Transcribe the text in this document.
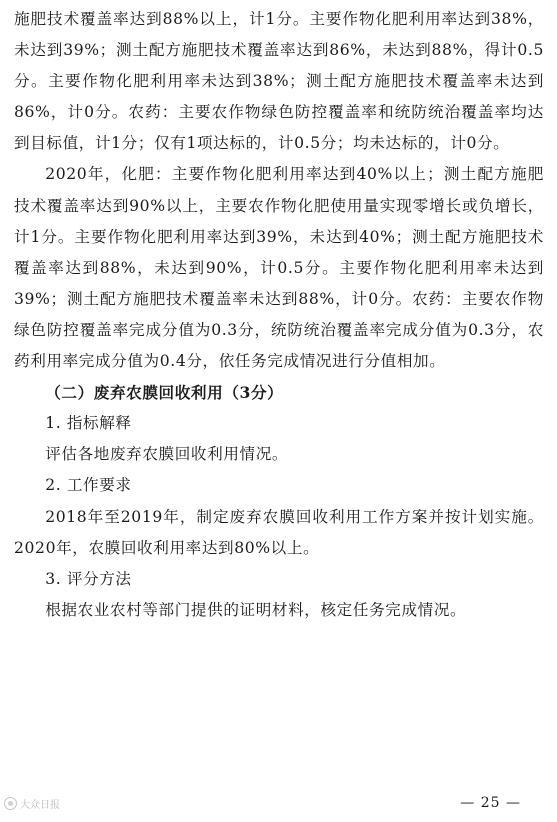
施肥技术覆盖率达到88%以上，计1分。主要作物化肥利用率达到38%，未达到39%；测土配方施肥技术覆盖率达到86%，未达到88%，得计0.5分。主要作物化肥利用率未达到38%；测土配方施肥技术覆盖率未达到86%，计0分。农药：主要农作物绿色防控覆盖率和统防统治覆盖率均达到目标值，计1分；仅有1项达标的，计0.5分；均未达标的，计0分。

2020年，化肥：主要作物化肥利用率达到40%以上；测土配方施肥技术覆盖率达到90%以上，主要农作物化肥使用量实现零增长或负增长，计1分。主要作物化肥利用率达到39%，未达到40%；测土配方施肥技术覆盖率达到88%，未达到90%，计0.5分。主要作物化肥利用率未达到39%；测土配方施肥技术覆盖率未达到88%，计0分。农药：主要农作物绿色防控覆盖率完成分值为0.3分，统防统治覆盖率完成分值为0.3分，农药利用率完成分值为0.4分，依任务完成情况进行分值相加。

（二）废弃农膜回收利用（3分）

1. 指标解释

评估各地废弃农膜回收利用情况。

2. 工作要求

2018年至2019年，制定废弃农膜回收利用工作方案并按计划实施。2020年，农膜回收利用率达到80%以上。

3. 评分方法

根据农业农村等部门提供的证明材料，核定任务完成情况。

大众日报	— 25 —
